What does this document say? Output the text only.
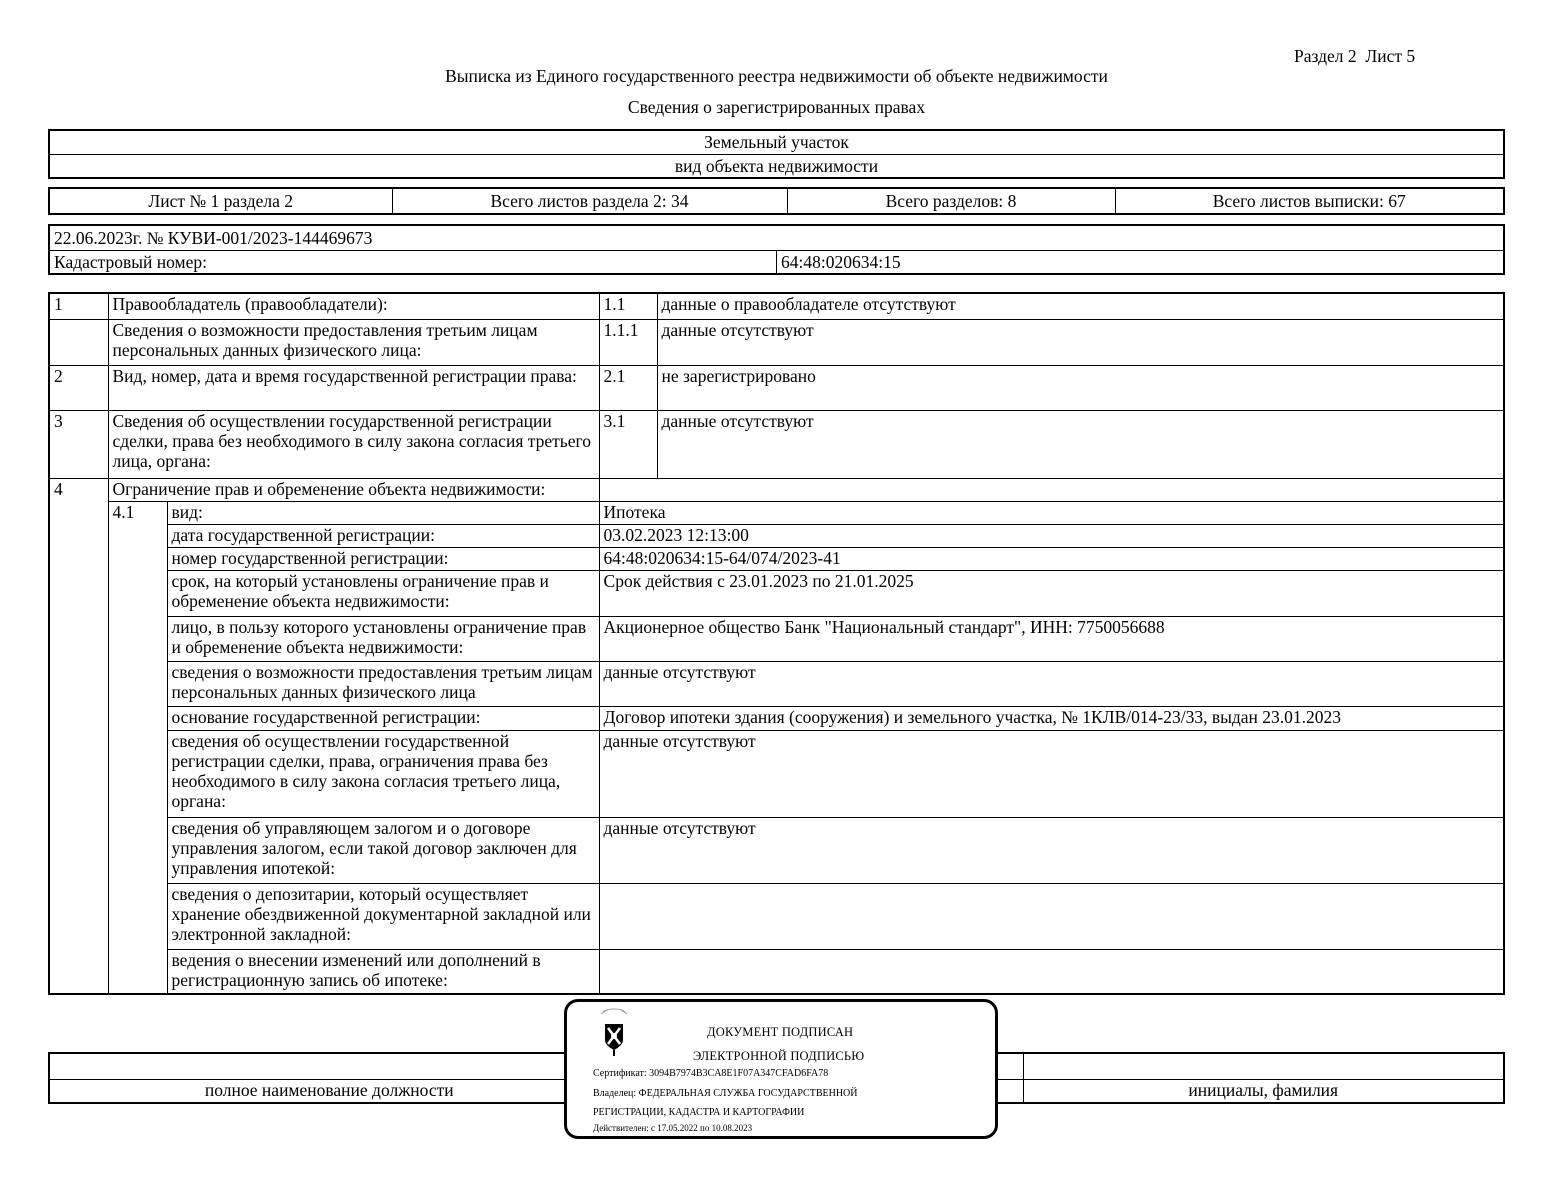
Раздел 2  Лист 5
Выписка из Единого государственного реестра недвижимости об объекте недвижимости
Сведения о зарегистрированных правах
Земельный участок
вид объекта недвижимости
Лист № 1 раздела 2	Всего листов раздела 2: 34	Всего разделов: 8	Всего листов выписки: 67
22.06.2023г. № КУВИ-001/2023-144469673
Кадастровый номер:	64:48:020634:15
1	Правообладатель (правообладатели):		1.1	данные о правообладателе отсутствуют
	Сведения о возможности предоставления третьим лицам персональных данных физического лица:		1.1.1	данные отсутствуют
2	Вид, номер, дата и время государственной регистрации права:		2.1	не зарегистрировано
3	Сведения об осуществлении государственной регистрации сделки, права без необходимого в силу закона согласия третьего лица, органа:		3.1	данные отсутствуют
4	Ограничение прав и обременение объекта недвижимости:			
	4.1	вид:	Ипотека	
		дата государственной регистрации:	03.02.2023 12:13:00	
		номер государственной регистрации:	64:48:020634:15-64/074/2023-41	
		срок, на который установлены ограничение прав и обременение объекта недвижимости:	Срок действия с 23.01.2023 по 21.01.2025	
		лицо, в пользу которого установлены ограничение прав и обременение объекта недвижимости:	Акционерное общество Банк "Национальный стандарт", ИНН: 7750056688	
		сведения о возможности предоставления третьим лицам персональных данных физического лица	данные отсутствуют	
		основание государственной регистрации:	Договор ипотеки здания (сооружения) и земельного участка, № 1КЛВ/014-23/33, выдан 23.01.2023	
		сведения об осуществлении государственной регистрации сделки, права, ограничения права без необходимого в силу закона согласия третьего лица, органа:	данные отсутствуют	
		сведения об управляющем залогом и о договоре управления залогом, если такой договор заключен для управления ипотекой:	данные отсутствуют	
		сведения о депозитарии, который осуществляет хранение обездвиженной документарной закладной или электронной закладной:		
		ведения о внесении изменений или дополнений в регистрационную запись об ипотеке:		

полное наименование должности		инициалы, фамилия
ДОКУМЕНТ ПОДПИСАН
ЭЛЕКТРОННОЙ ПОДПИСЬЮ
Сертификат: 3094B7974B3CA8E1F07A347CFAD6FA78
Владелец: ФЕДЕРАЛЬНАЯ СЛУЖБА ГОСУДАРСТВЕННОЙ
РЕГИСТРАЦИИ, КАДАСТРА И КАРТОГРАФИИ
Действителен: с 17.05.2022 по 10.08.2023
